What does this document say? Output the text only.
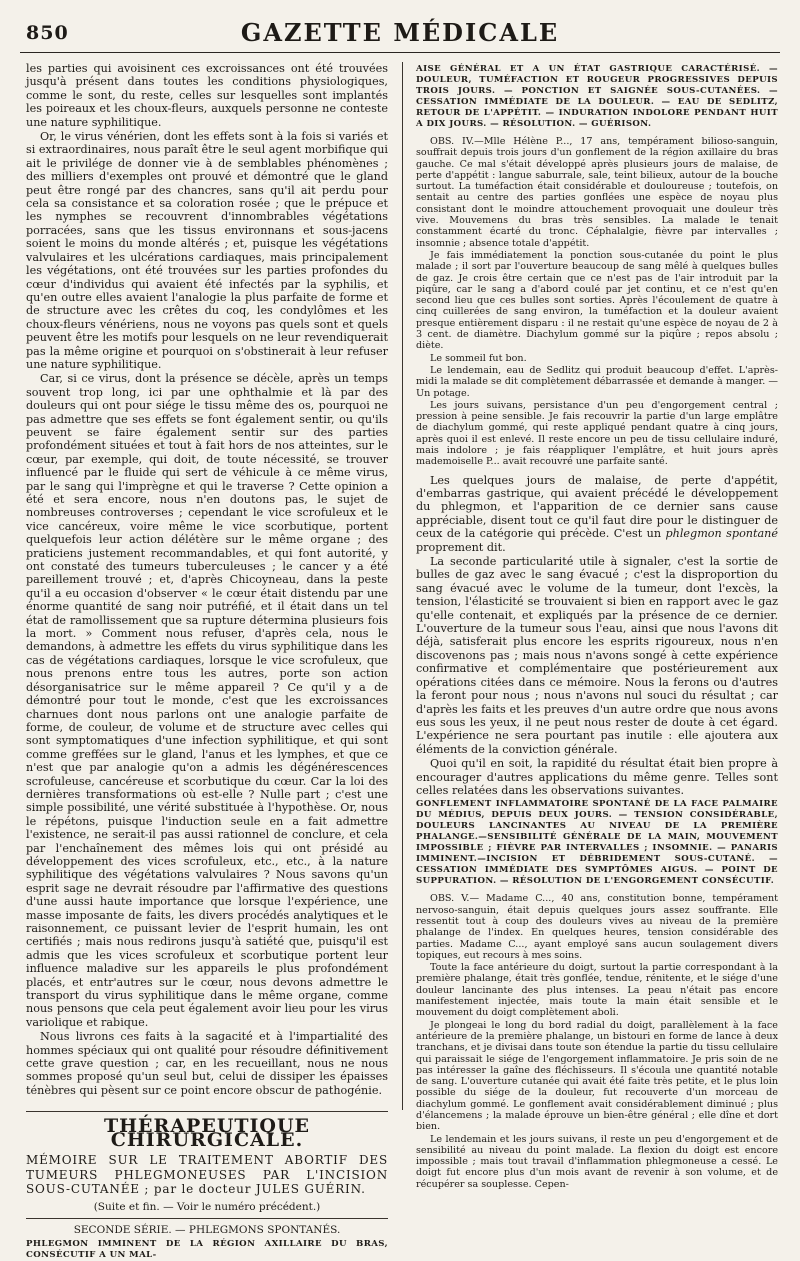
850	GAZETTE MÉDICALE

les parties qui avoisinent ces excroissances ont été trouvées jusqu'à présent dans toutes les conditions physiologiques, comme le sont, du reste, celles sur lesquelles sont implantés les poireaux et les choux-fleurs, auxquels personne ne conteste une nature syphilitique.

Or, le virus vénérien, dont les effets sont à la fois si variés et si extraordinaires, nous paraît être le seul agent morbifique qui ait le privilége de donner vie à de semblables phénomènes ; des milliers d'exemples ont prouvé et démontré que le gland peut être rongé par des chancres, sans qu'il ait perdu pour cela sa consistance et sa coloration rosée ; que le prépuce et les nymphes se recouvrent d'innombrables végétations porracées, sans que les tissus environnans et sous-jacens soient le moins du monde altérés ; et, puisque les végétations valvulaires et les ulcérations cardiaques, mais principalement les végétations, ont été trouvées sur les parties profondes du cœur d'individus qui avaient été infectés par la syphilis, et qu'en outre elles avaient l'analogie la plus parfaite de forme et de structure avec les crêtes du coq, les condylômes et les choux-fleurs vénériens, nous ne voyons pas quels sont et quels peuvent être les motifs pour lesquels on ne leur revendiquerait pas la même origine et pourquoi on s'obstinerait à leur refuser une nature syphilitique.

Car, si ce virus, dont la présence se décèle, après un temps souvent trop long, ici par une ophthalmie et là par des douleurs qui ont pour siége le tissu même des os, pourquoi ne pas admettre que ses effets se font également sentir, ou qu'ils peuvent se faire également sentir sur des parties profondément situées et tout à fait hors de nos atteintes, sur le cœur, par exemple, qui doit, de toute nécessité, se trouver influencé par le fluide qui sert de véhicule à ce même virus, par le sang qui l'imprègne et qui le traverse ? Cette opinion a été et sera encore, nous n'en doutons pas, le sujet de nombreuses controverses ; cependant le vice scrofuleux et le vice cancéreux, voire même le vice scorbutique, portent quelquefois leur action délétère sur le même organe ; des praticiens justement recommandables, et qui font autorité, y ont constaté des tumeurs tuberculeuses ; le cancer y a été pareillement trouvé ; et, d'après Chicoyneau, dans la peste qu'il a eu occasion d'observer « le cœur était distendu par une énorme quantité de sang noir putréfié, et il était dans un tel état de ramollissement que sa rupture détermina plusieurs fois la mort. » Comment nous refuser, d'après cela, nous le demandons, à admettre les effets du virus syphilitique dans les cas de végétations cardiaques, lorsque le vice scrofuleux, que nous prenons entre tous les autres, porte son action désorganisatrice sur le même appareil ? Ce qu'il y a de démontré pour tout le monde, c'est que les excroissances charnues dont nous parlons ont une analogie parfaite de forme, de couleur, de volume et de structure avec celles qui sont symptomatiques d'une infection syphilitique, et qui sont comme greffées sur le gland, l'anus et les lymphes, et que ce n'est que par analogie qu'on a admis les dégénérescences scrofuleuse, cancéreuse et scorbutique du cœur. Car la loi des dernières transformations où est-elle ? Nulle part ; c'est une simple possibilité, une vérité substituée à l'hypothèse. Or, nous le répétons, puisque l'induction seule en a fait admettre l'existence, ne serait-il pas aussi rationnel de conclure, et cela par l'enchaînement des mêmes lois qui ont présidé au développement des vices scrofuleux, etc., etc., à la nature syphilitique des végétations valvulaires ? Nous savons qu'un esprit sage ne devrait résoudre par l'affirmative des questions d'une aussi haute importance que lorsque l'expérience, une masse imposante de faits, les divers procédés analytiques et le raisonnement, ce puissant levier de l'esprit humain, les ont certifiés ; mais nous redirons jusqu'à satiété que, puisqu'il est admis que les vices scrofuleux et scorbutique portent leur influence maladive sur les appareils le plus profondément placés, et entr'autres sur le cœur, nous devons admettre le transport du virus syphilitique dans le même organe, comme nous pensons que cela peut également avoir lieu pour les virus variolique et rabique.

Nous livrons ces faits à la sagacité et à l'impartialité des hommes spéciaux qui ont qualité pour résoudre définitivement cette grave question ; car, en les recueillant, nous ne nous sommes proposé qu'un seul but, celui de dissiper les épaisses ténèbres qui pèsent sur ce point encore obscur de pathogénie.

THÉRAPEUTIQUE CHIRURGICALE.

MÉMOIRE SUR LE TRAITEMENT ABORTIF DES TUMEURS PHLEGMONEUSES PAR L'INCISION SOUS-CUTANÉE ; par le docteur JULES GUÉRIN.

(Suite et fin. — Voir le numéro précédent.)

SECONDE SÉRIE. — PHLEGMONS SPONTANÉS.

PHLEGMON IMMINENT DE LA RÉGION AXILLAIRE DU BRAS, CONSÉCUTIF A UN MAL-

AISE GÉNÉRAL ET A UN ÉTAT GASTRIQUE CARACTÉRISÉ. — DOULEUR, TUMÉFACTION ET ROUGEUR PROGRESSIVES DEPUIS TROIS JOURS. — PONCTION ET SAIGNÉE SOUS-CUTANÉES. — CESSATION IMMÉDIATE DE LA DOULEUR. — EAU DE SEDLITZ, RETOUR DE L'APPÉTIT. — INDURATION INDOLORE PENDANT HUIT A DIX JOURS. — RÉSOLUTION. — GUÉRISON.

OBS. IV.—Mlle Hélène P..., 17 ans, tempérament bilioso-sanguin, souffrait depuis trois jours d'un gonflement de la région axillaire du bras gauche. Ce mal s'était développé après plusieurs jours de malaise, de perte d'appétit : langue saburrale, sale, teint bilieux, autour de la bouche surtout. La tuméfaction était considérable et douloureuse ; toutefois, on sentait au centre des parties gonflées une espèce de noyau plus consistant dont le moindre attouchement provoquait une douleur très vive. Mouvemens du bras très sensibles. La malade le tenait constamment écarté du tronc. Céphalalgie, fièvre par intervalles ; insomnie ; absence totale d'appétit.

Je fais immédiatement la ponction sous-cutanée du point le plus malade ; il sort par l'ouverture beaucoup de sang mêlé à quelques bulles de gaz. Je crois être certain que ce n'est pas de l'air introduit par la piqûre, car le sang a d'abord coulé par jet continu, et ce n'est qu'en second lieu que ces bulles sont sorties. Après l'écoulement de quatre à cinq cuillerées de sang environ, la tuméfaction et la douleur avaient presque entièrement disparu : il ne restait qu'une espèce de noyau de 2 à 3 cent. de diamètre. Diachylum gommé sur la piqûre ; repos absolu ; diète.

Le sommeil fut bon.

Le lendemain, eau de Sedlitz qui produit beaucoup d'effet. L'après-midi la malade se dit complètement débarrassée et demande à manger. — Un potage.

Les jours suivans, persistance d'un peu d'engorgement central ; pression à peine sensible. Je fais recouvrir la partie d'un large emplâtre de diachylum gommé, qui reste appliqué pendant quatre à cinq jours, après quoi il est enlevé. Il reste encore un peu de tissu cellulaire induré, mais indolore ; je fais réappliquer l'emplâtre, et huit jours après mademoiselle P... avait recouvré une parfaite santé.

Les quelques jours de malaise, de perte d'appétit, d'embarras gastrique, qui avaient précédé le développement du phlegmon, et l'apparition de ce dernier sans cause appréciable, disent tout ce qu'il faut dire pour le distinguer de ceux de la catégorie qui précède. C'est un phlegmon spontané proprement dit.

La seconde particularité utile à signaler, c'est la sortie de bulles de gaz avec le sang évacué ; c'est la disproportion du sang évacué avec le volume de la tumeur, dont l'excès, la tension, l'élasticité se trouvaient si bien en rapport avec le gaz qu'elle contenait, et expliqués par la présence de ce dernier. L'ouverture de la tumeur sous l'eau, ainsi que nous l'avons dit déjà, satisferait plus encore les esprits rigoureux, nous n'en discovenons pas ; mais nous n'avons songé à cette expérience confirmative et complémentaire que postérieurement aux opérations citées dans ce mémoire. Nous la ferons ou d'autres la feront pour nous ; nous n'avons nul souci du résultat ; car d'après les faits et les preuves d'un autre ordre que nous avons eus sous les yeux, il ne peut nous rester de doute à cet égard. L'expérience ne sera pourtant pas inutile : elle ajoutera aux éléments de la conviction générale.

Quoi qu'il en soit, la rapidité du résultat était bien propre à encourager d'autres applications du même genre. Telles sont celles relatées dans les observations suivantes.

GONFLEMENT INFLAMMATOIRE SPONTANÉ DE LA FACE PALMAIRE DU MÉDIUS, DEPUIS DEUX JOURS. — TENSION CONSIDÉRABLE, DOULEURS LANCINANTES AU NIVEAU DE LA PREMIÈRE PHALANGE.—SENSIBILITÉ GÉNÉRALE DE LA MAIN, MOUVEMENT IMPOSSIBLE ; FIÈVRE PAR INTERVALLES ; INSOMNIE. — PANARIS IMMINENT.—INCISION ET DÉBRIDEMENT SOUS-CUTANÉ. — CESSATION IMMÉDIATE DES SYMPTÔMES AIGUS. — POINT DE SUPPURATION. — RÉSOLUTION DE L'ENGORGEMENT CONSÉCUTIF.

OBS. V.— Madame C..., 40 ans, constitution bonne, tempérament nervoso-sanguin, était depuis quelques jours assez souffrante. Elle ressentit tout à coup des douleurs vives au niveau de la première phalange de l'index. En quelques heures, tension considérable des parties. Madame C..., ayant employé sans aucun soulagement divers topiques, eut recours à mes soins.

Toute la face antérieure du doigt, surtout la partie correspondant à la première phalange, était très gonflée, tendue, rénitente, et le siége d'une douleur lancinante des plus intenses. La peau n'était pas encore manifestement injectée, mais toute la main était sensible et le mouvement du doigt complètement aboli.

Je plongeai le long du bord radial du doigt, parallèlement à la face antérieure de la première phalange, un bistouri en forme de lance à deux tranchans, et je divisai dans toute son étendue la partie du tissu cellulaire qui paraissait le siége de l'engorgement inflammatoire. Je pris soin de ne pas intéresser la gaîne des fléchisseurs. Il s'écoula une quantité notable de sang. L'ouverture cutanée qui avait été faite très petite, et le plus loin possible du siége de la douleur, fut recouverte d'un morceau de diachylum gommé. Le gonflement avait considérablement diminué ; plus d'élancemens ; la malade éprouve un bien-être général ; elle dîne et dort bien.

Le lendemain et les jours suivans, il reste un peu d'engorgement et de sensibilité au niveau du point malade. La flexion du doigt est encore impossible ; mais tout travail d'inflammation phlegmoneuse a cessé. Le doigt fut encore plus d'un mois avant de revenir à son volume, et de récupérer sa souplesse. Cepen-
